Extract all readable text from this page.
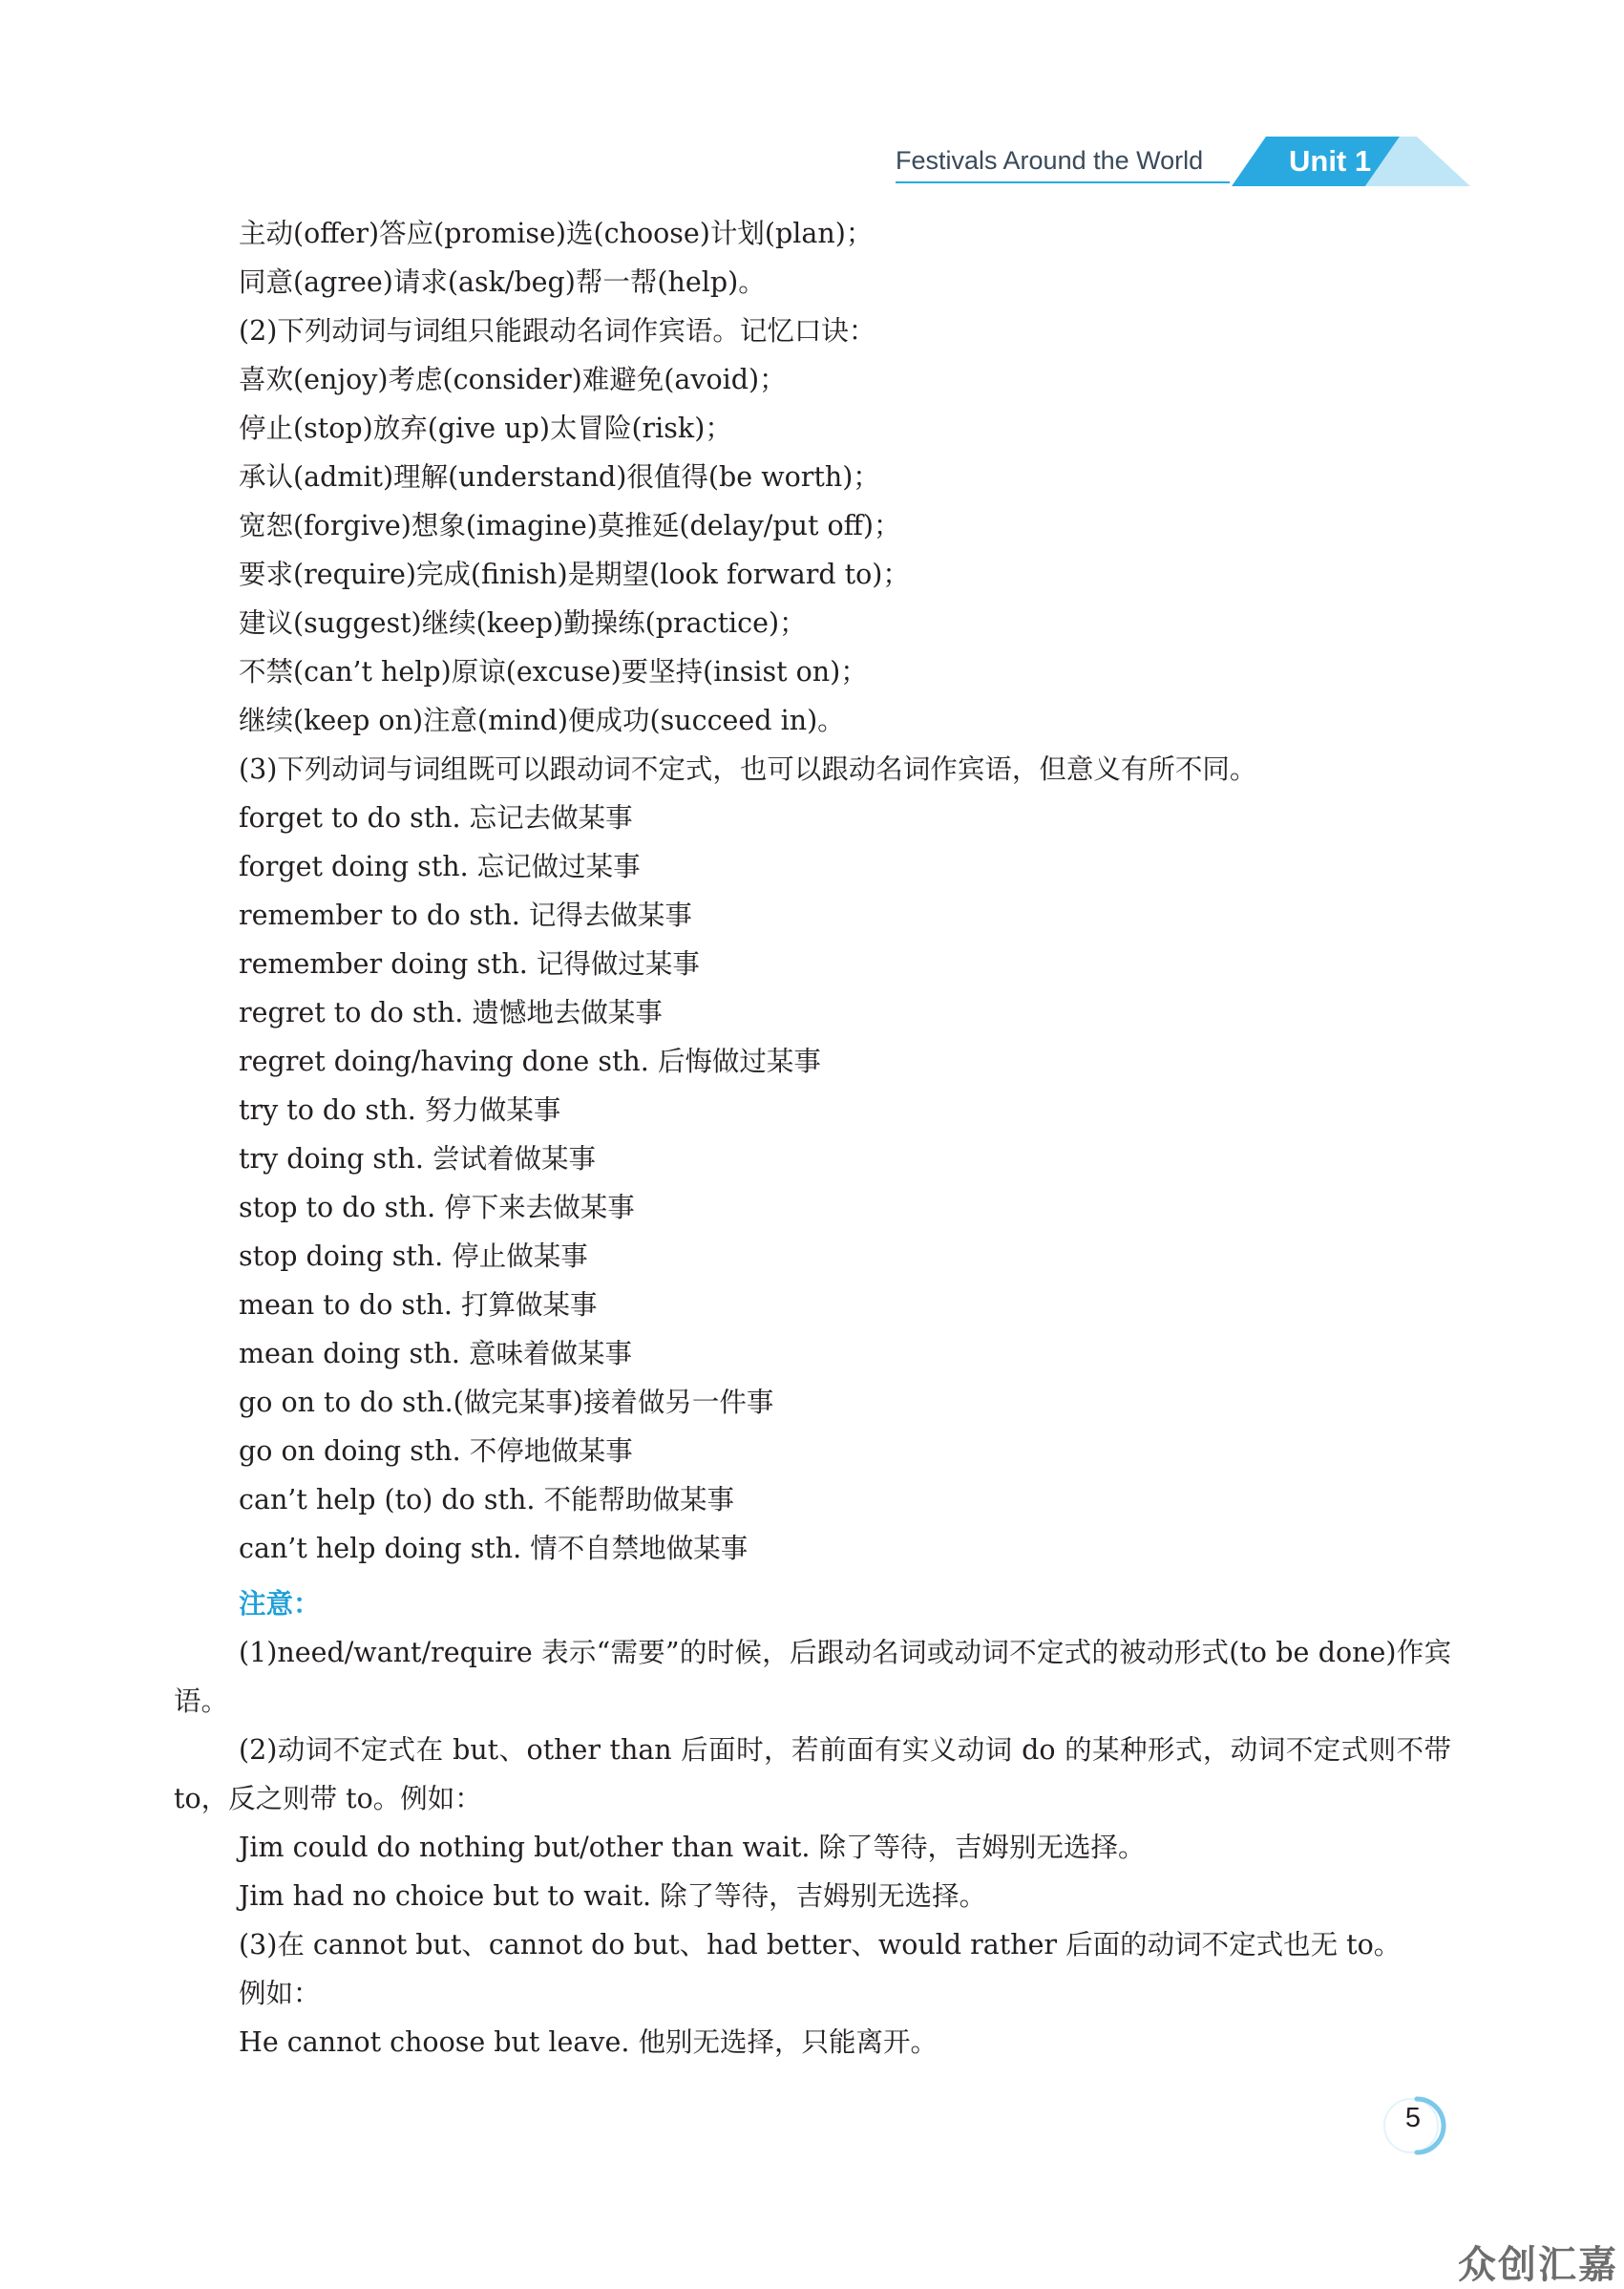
Festivals Around the World	Unit 1
主动(offer)答应(promise)选(choose)计划(plan)；
同意(agree)请求(ask/beg)帮一帮(help)。
(2)下列动词与词组只能跟动名词作宾语。记忆口诀：
喜欢(enjoy)考虑(consider)难避免(avoid)；
停止(stop)放弃(give up)太冒险(risk)；
承认(admit)理解(understand)很值得(be worth)；
宽恕(forgive)想象(imagine)莫推延(delay/put off)；
要求(require)完成(finish)是期望(look forward to)；
建议(suggest)继续(keep)勤操练(practice)；
不禁(can’t help)原谅(excuse)要坚持(insist on)；
继续(keep on)注意(mind)便成功(succeed in)。
(3)下列动词与词组既可以跟动词不定式，也可以跟动名词作宾语，但意义有所不同。
forget to do sth. 忘记去做某事
forget doing sth. 忘记做过某事
remember to do sth. 记得去做某事
remember doing sth. 记得做过某事
regret to do sth. 遗憾地去做某事
regret doing/having done sth. 后悔做过某事
try to do sth. 努力做某事
try doing sth. 尝试着做某事
stop to do sth. 停下来去做某事
stop doing sth. 停止做某事
mean to do sth. 打算做某事
mean doing sth. 意味着做某事
go on to do sth.(做完某事)接着做另一件事
go on doing sth. 不停地做某事
can’t help (to) do sth. 不能帮助做某事
can’t help doing sth. 情不自禁地做某事
注意：
(1)need/want/require 表示“需要”的时候，后跟动名词或动词不定式的被动形式(to be done)作宾语。
(2)动词不定式在 but、other than 后面时，若前面有实义动词 do 的某种形式，动词不定式则不带 to，反之则带 to。例如：
Jim could do nothing but/other than wait. 除了等待，吉姆别无选择。
Jim had no choice but to wait. 除了等待，吉姆别无选择。
(3)在 cannot but、cannot do but、had better、would rather 后面的动词不定式也无 to。
例如：
He cannot choose but leave. 他别无选择，只能离开。
5
众创汇嘉
